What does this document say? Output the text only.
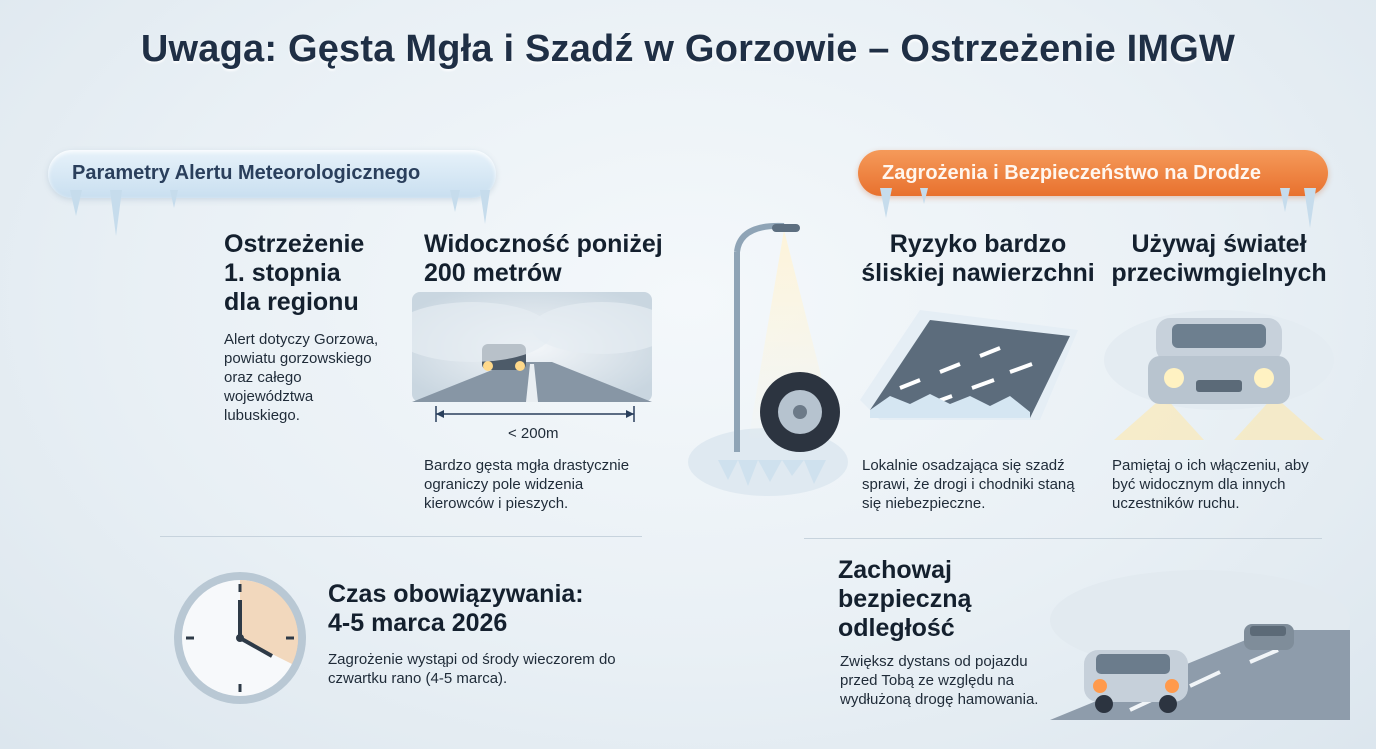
Uwaga: Gęsta Mgła i Szadź w Gorzowie – Ostrzeżenie IMGW
Parametry Alertu Meteorologicznego	Zagrożenia i Bezpieczeństwo na Drodze
Ostrzeżenie
1. stopnia
dla regionu
Alert dotyczy Gorzowa, powiatu gorzowskiego oraz całego województwa lubuskiego.
Widoczność poniżej
200 metrów
< 200m
Bardzo gęsta mgła drastycznie ograniczy pole widzenia kierowców i pieszych.
Ryzyko bardzo
śliskiej nawierzchni
Lokalnie osadzająca się szadź sprawi, że drogi i chodniki staną się niebezpieczne.
Używaj świateł
przeciwmgielnych
Pamiętaj o ich włączeniu, aby być widocznym dla innych uczestników ruchu.
Czas obowiązywania:
4-5 marca 2026
Zagrożenie wystąpi od środy wieczorem do czwartku rano (4-5 marca).
Zachowaj
bezpieczną
odległość
Zwiększ dystans od pojazdu przed Tobą ze względu na wydłużoną drogę hamowania.
